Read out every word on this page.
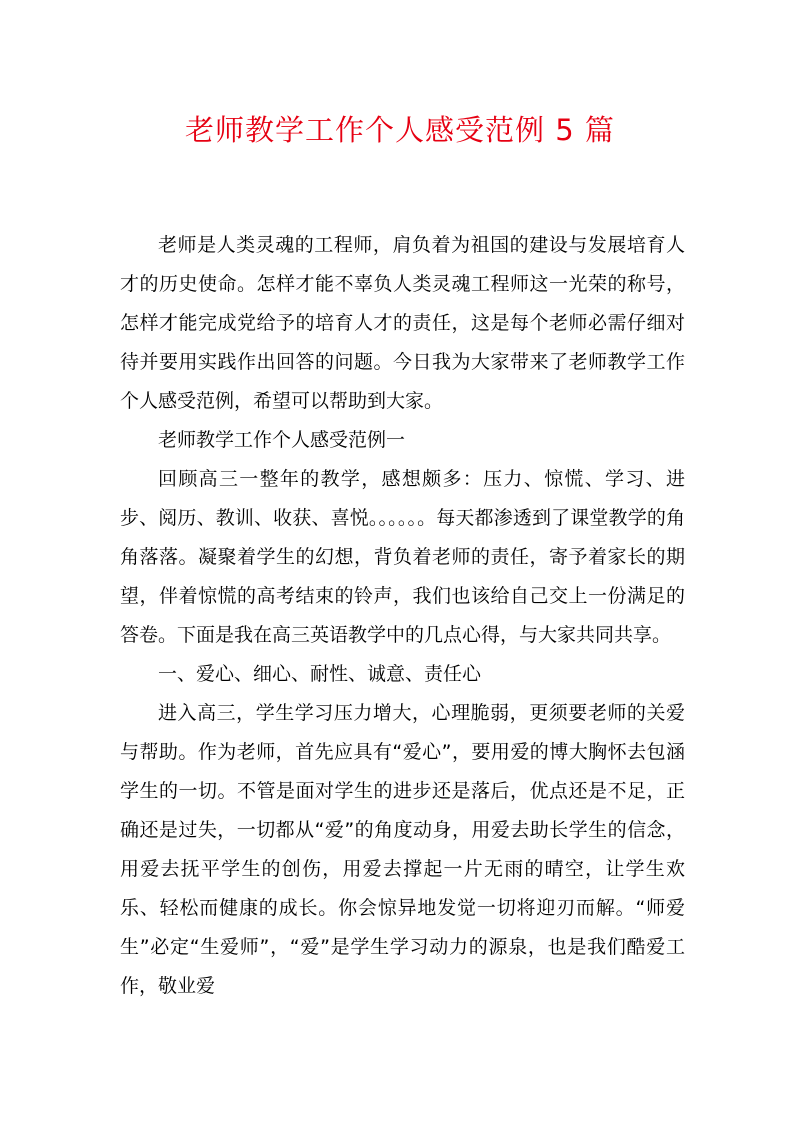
老师教学工作个人感受范例 5 篇

老师是人类灵魂的工程师，肩负着为祖国的建设与发展培育人才的历史使命。怎样才能不辜负人类灵魂工程师这一光荣的称号，怎样才能完成党给予的培育人才的责任，这是每个老师必需仔细对待并要用实践作出回答的问题。今日我为大家带来了老师教学工作个人感受范例，希望可以帮助到大家。

老师教学工作个人感受范例一

回顾高三一整年的教学，感想颇多：压力、惊慌、学习、进步、阅历、教训、收获、喜悦。。。。。。每天都渗透到了课堂教学的角角落落。凝聚着学生的幻想，背负着老师的责任，寄予着家长的期望，伴着惊慌的高考结束的铃声，我们也该给自己交上一份满足的答卷。下面是我在高三英语教学中的几点心得，与大家共同共享。

一、爱心、细心、耐性、诚意、责任心

进入高三，学生学习压力增大，心理脆弱，更须要老师的关爱与帮助。作为老师，首先应具有“爱心”，要用爱的博大胸怀去包涵学生的一切。不管是面对学生的进步还是落后，优点还是不足，正确还是过失，一切都从“爱”的角度动身，用爱去助长学生的信念，用爱去抚平学生的创伤，用爱去撑起一片无雨的晴空，让学生欢乐、轻松而健康的成长。你会惊异地发觉一切将迎刃而解。“师爱生”必定“生爱师”，“爱”是学生学习动力的源泉，也是我们酷爱工作，敬业爱
